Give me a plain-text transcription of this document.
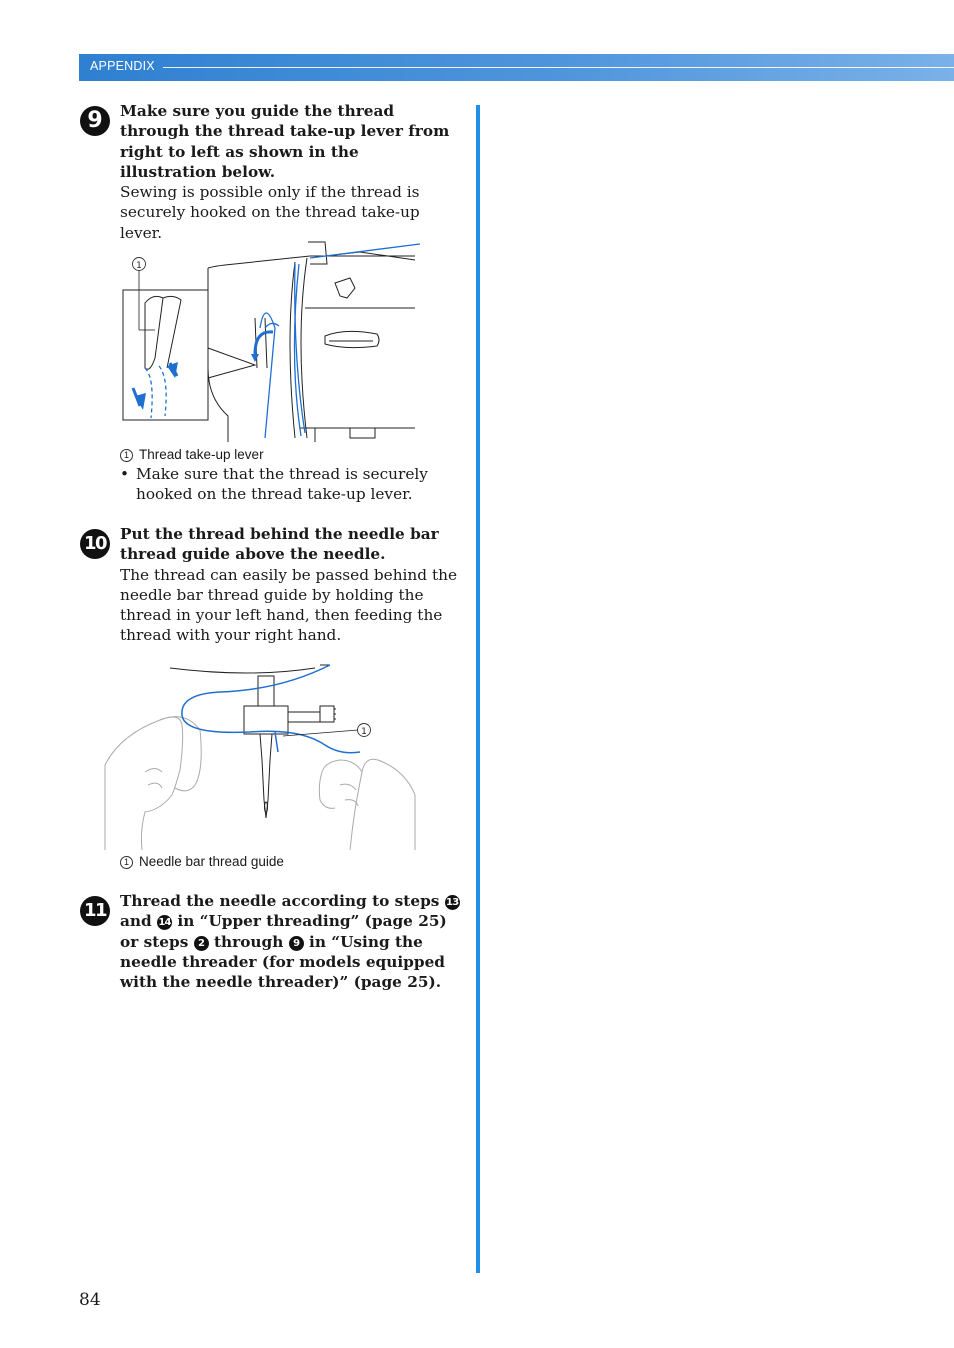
APPENDIX
9	Make sure you guide the thread through the thread take-up lever from right to left as shown in the illustration below.
Sewing is possible only if the thread is securely hooked on the thread take-up lever.
1
1 Thread take-up lever
• Make sure that the thread is securely hooked on the thread take-up lever.
10 Put the thread behind the needle bar thread guide above the needle.
The thread can easily be passed behind the needle bar thread guide by holding the thread in your left hand, then feeding the thread with your right hand.
1
1 Needle bar thread guide
11 Thread the needle according to steps 13 and 14 in “Upper threading” (page 25) or steps 2 through 9 in “Using the needle threader (for models equipped with the needle threader)” (page 25).
84
